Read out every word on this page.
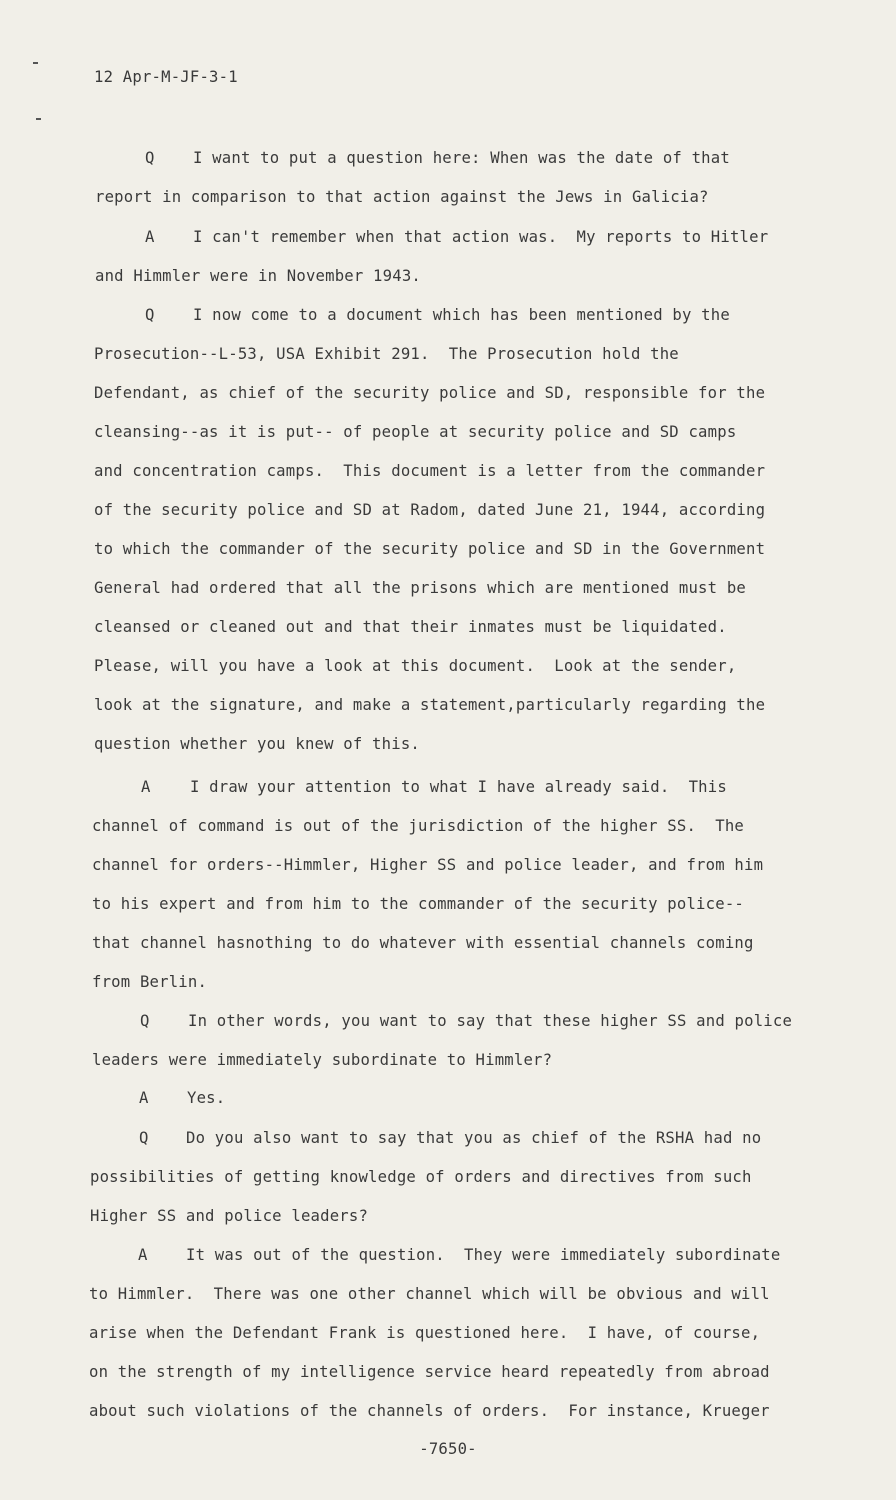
12 Apr-M-JF-3-1
Q I want to put a question here: When was the date of that
report in comparison to that action against the Jews in Galicia?
A I can't remember when that action was.  My reports to Hitler
and Himmler were in November 1943.
Q I now come to a document which has been mentioned by the
Prosecution--L-53, USA Exhibit 291.  The Prosecution hold the
Defendant, as chief of the security police and SD, responsible for the
cleansing--as it is put-- of people at security police and SD camps
and concentration camps.  This document is a letter from the commander
of the security police and SD at Radom, dated June 21, 1944, according
to which the commander of the security police and SD in the Government
General had ordered that all the prisons which are mentioned must be
cleansed or cleaned out and that their inmates must be liquidated.
Please, will you have a look at this document.  Look at the sender,
look at the signature, and make a statement,particularly regarding the
question whether you knew of this.
A	I draw your attention to what I have already said.  This
channel of command is out of the jurisdiction of the higher SS.  The
channel for orders--Himmler, Higher SS and police leader, and from him
to his expert and from him to the commander of the security police--
that channel hasnothing to do whatever with essential channels coming
from Berlin.
Q In other words, you want to say that these higher SS and police
leaders were immediately subordinate to Himmler?
A Yes.
Q Do you also want to say that you as chief of the RSHA had no
possibilities of getting knowledge of orders and directives from such
Higher SS and police leaders?
A It was out of the question.  They were immediately subordinate
to Himmler.  There was one other channel which will be obvious and will
arise when the Defendant Frank is questioned here.  I have, of course,
on the strength of my intelligence service heard repeatedly from abroad
about such violations of the channels of orders.  For instance, Krueger
-7650-
